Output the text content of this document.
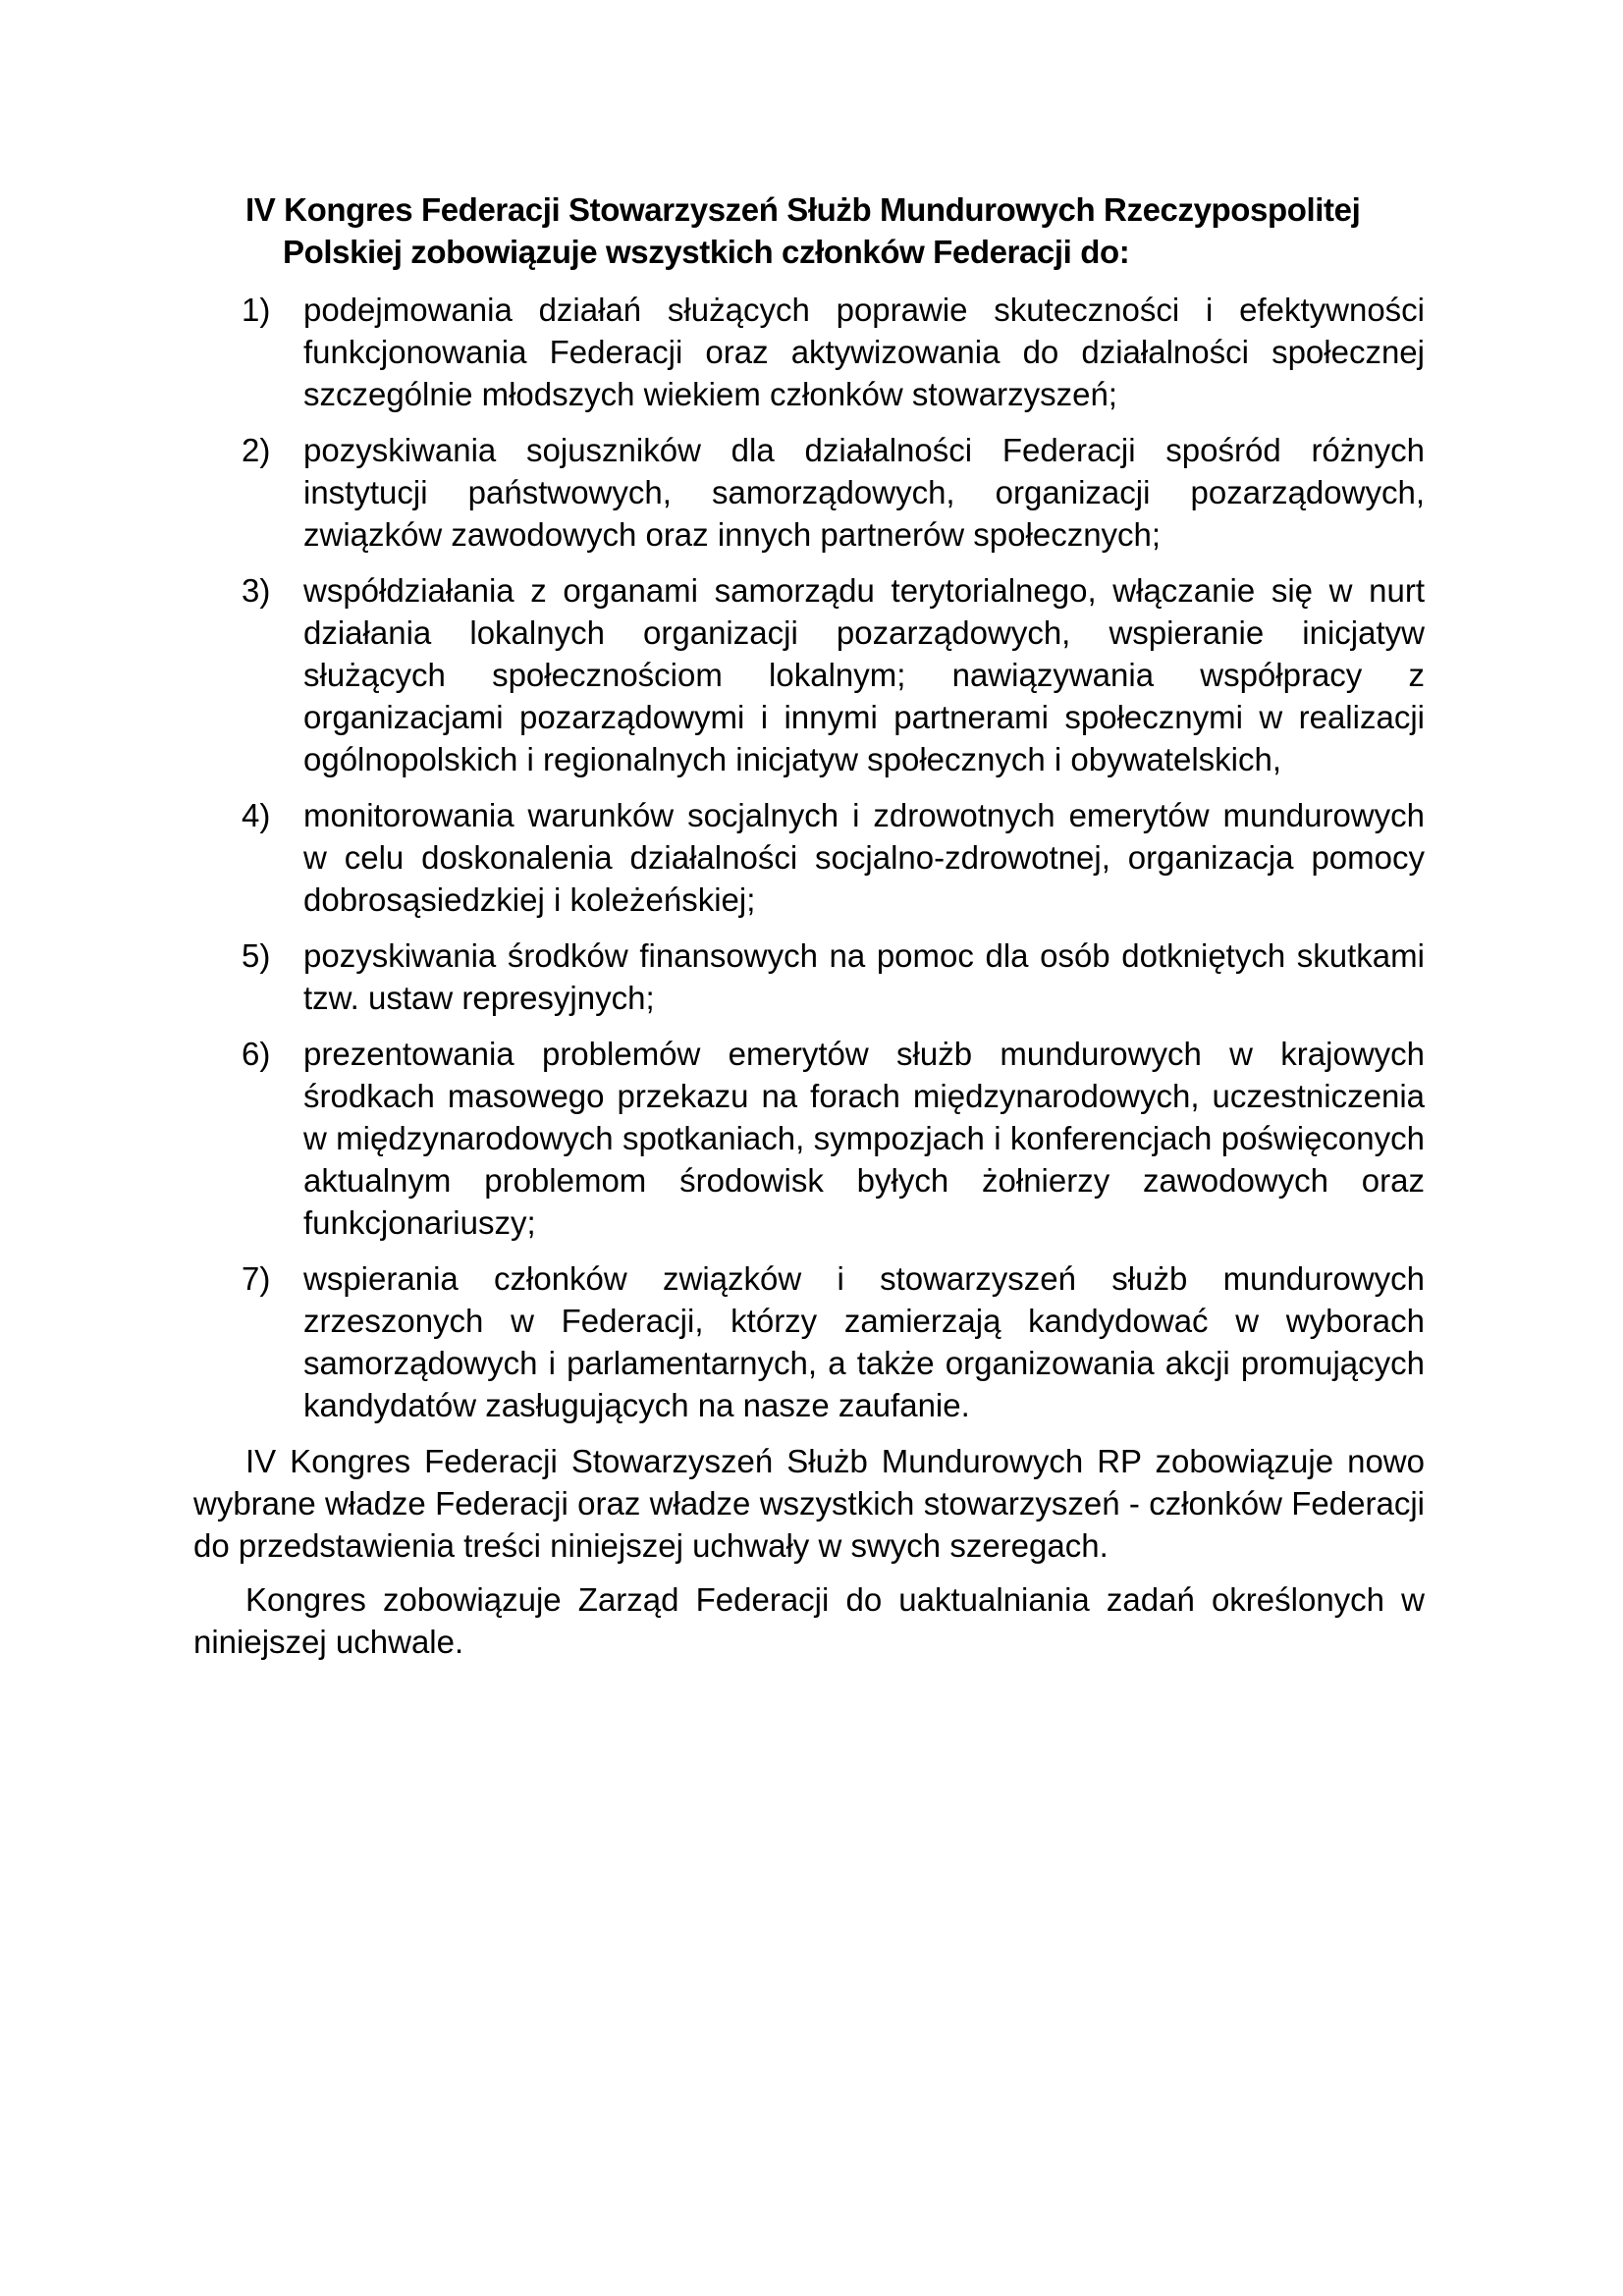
IV Kongres Federacji Stowarzyszeń Służb Mundurowych Rzeczypospolitej
Polskiej zobowiązuje wszystkich członków Federacji do:
1)	podejmowania działań służących poprawie skuteczności i efektywności funkcjonowania Federacji oraz aktywizowania do działalności społecznej szczególnie młodszych wiekiem członków stowarzyszeń;
2)	pozyskiwania sojuszników dla działalności Federacji spośród różnych instytucji państwowych, samorządowych, organizacji pozarządowych, związków zawodowych oraz innych partnerów społecznych;
3)	współdziałania z organami samorządu terytorialnego, włączanie się w nurt działania lokalnych organizacji pozarządowych, wspieranie inicjatyw służących społecznościom lokalnym; nawiązywania współpracy z organizacjami pozarządowymi i innymi partnerami społecznymi w realizacji ogólnopolskich i regionalnych inicjatyw społecznych i obywatelskich,
4)	monitorowania warunków socjalnych i zdrowotnych emerytów mundurowych w celu doskonalenia działalności socjalno-zdrowotnej, organizacja pomocy dobrosąsiedzkiej i koleżeńskiej;
5)	pozyskiwania środków finansowych na pomoc dla osób dotkniętych skutkami tzw. ustaw represyjnych;
6)	prezentowania problemów emerytów służb mundurowych w krajowych środkach masowego przekazu na forach międzynarodowych, uczestniczenia w międzynarodowych spotkaniach, sympozjach i konferencjach poświęconych aktualnym problemom środowisk byłych żołnierzy zawodowych oraz funkcjonariuszy;
7)	wspierania członków związków i stowarzyszeń służb mundurowych zrzeszonych w Federacji, którzy zamierzają kandydować w wyborach samorządowych i parlamentarnych, a także organizowania akcji promujących kandydatów zasługujących na nasze zaufanie.

IV Kongres Federacji Stowarzyszeń Służb Mundurowych RP zobowiązuje nowo wybrane władze Federacji oraz władze wszystkich stowarzyszeń - członków Federacji do przedstawienia treści niniejszej uchwały w swych szeregach.

Kongres zobowiązuje Zarząd Federacji do uaktualniania zadań określonych w niniejszej uchwale.
